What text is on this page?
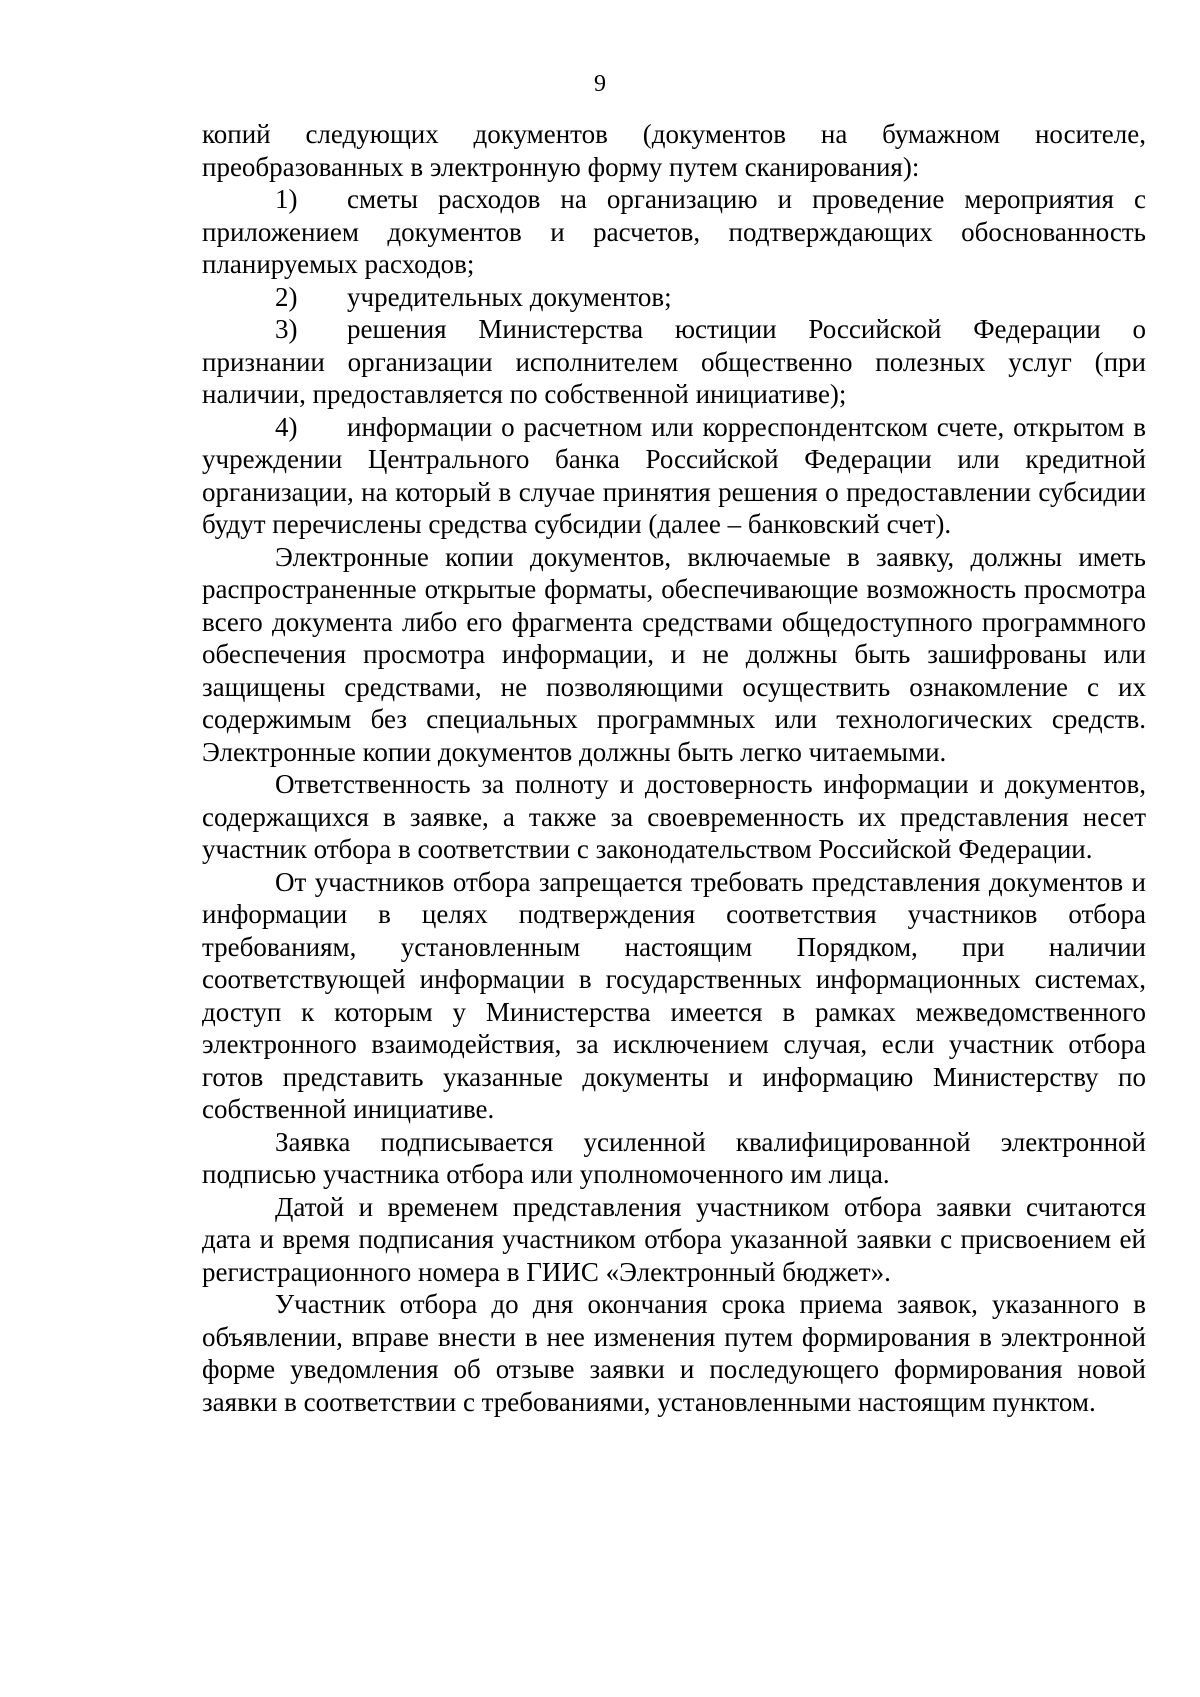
9

копий следующих документов (документов на бумажном носителе, преобразованных в электронную форму путем сканирования):

1) сметы расходов на организацию и проведение мероприятия с приложением документов и расчетов, подтверждающих обоснованность планируемых расходов;

2) учредительных документов;

3) решения Министерства юстиции Российской Федерации о признании организации исполнителем общественно полезных услуг (при наличии, предоставляется по собственной инициативе);

4) информации о расчетном или корреспондентском счете, открытом в учреждении Центрального банка Российской Федерации или кредитной организации, на который в случае принятия решения о предоставлении субсидии будут перечислены средства субсидии (далее – банковский счет).

Электронные копии документов, включаемые в заявку, должны иметь распространенные открытые форматы, обеспечивающие возможность просмотра всего документа либо его фрагмента средствами общедоступного программного обеспечения просмотра информации, и не должны быть зашифрованы или защищены средствами, не позволяющими осуществить ознакомление с их содержимым без специальных программных или технологических средств. Электронные копии документов должны быть легко читаемыми.

Ответственность за полноту и достоверность информации и документов, содержащихся в заявке, а также за своевременность их представления несет участник отбора в соответствии с законодательством Российской Федерации.

От участников отбора запрещается требовать представления документов и информации в целях подтверждения соответствия участников отбора требованиям, установленным настоящим Порядком, при наличии соответствующей информации в государственных информационных системах, доступ к которым у Министерства имеется в рамках межведомственного электронного взаимодействия, за исключением случая, если участник отбора готов представить указанные документы и информацию Министерству по собственной инициативе.

Заявка подписывается усиленной квалифицированной электронной подписью участника отбора или уполномоченного им лица.

Датой и временем представления участником отбора заявки считаются дата и время подписания участником отбора указанной заявки с присвоением ей регистрационного номера в ГИИС «Электронный бюджет».

Участник отбора до дня окончания срока приема заявок, указанного в объявлении, вправе внести в нее изменения путем формирования в электронной форме уведомления об отзыве заявки и последующего формирования новой заявки в соответствии с требованиями, установленными настоящим пунктом.
